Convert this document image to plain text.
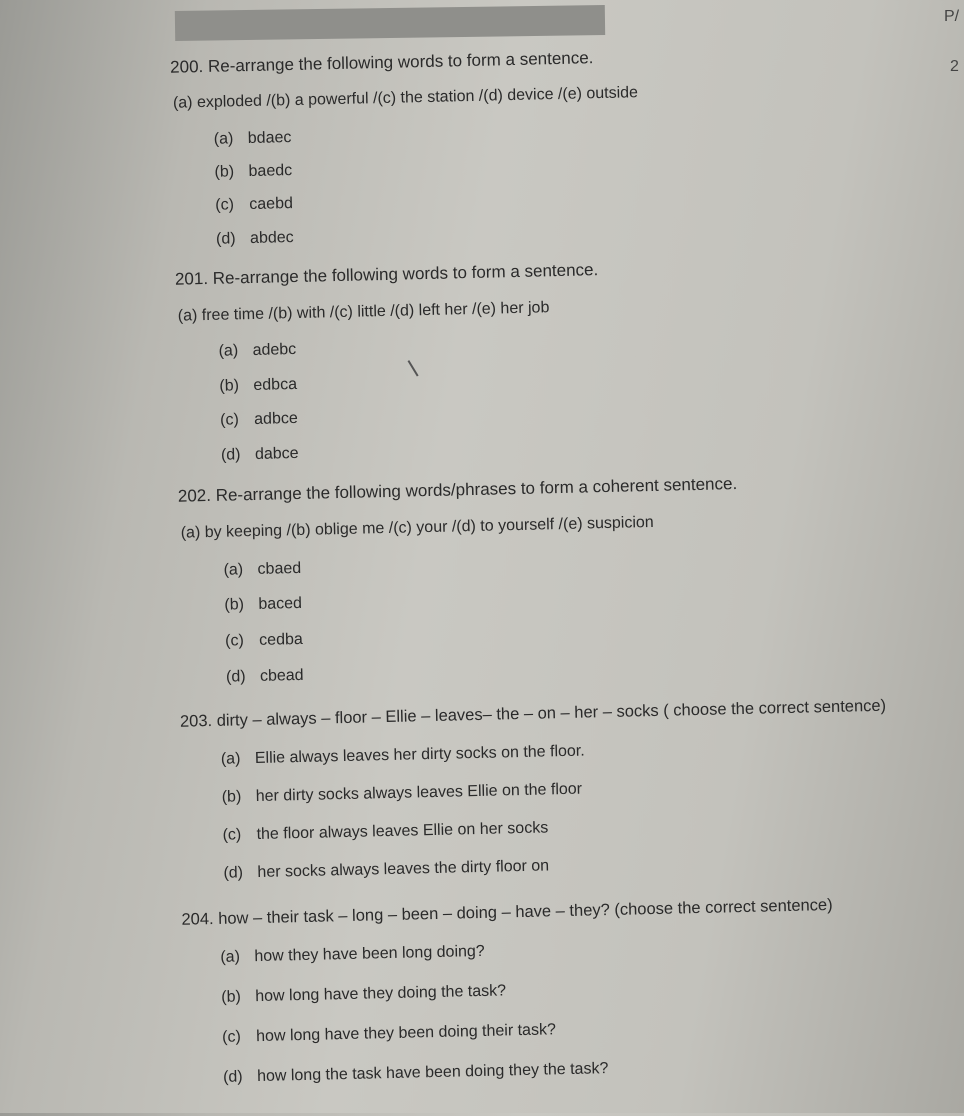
P/
2
200. Re-arrange the following words to form a sentence.
(a) exploded /(b) a powerful /(c) the station /(d) device /(e) outside
(a) bdaec
(b) baedc
(c) caebd
(d) abdec
201. Re-arrange the following words to form a sentence.
(a) free time /(b) with /(c) little /(d) left her /(e) her job
(a) adebc
(b) edbca
(c) adbce
(d) dabce
202. Re-arrange the following words/phrases to form a coherent sentence.
(a) by keeping /(b) oblige me /(c) your /(d) to yourself /(e) suspicion
(a) cbaed
(b) baced
(c) cedba
(d) cbead
203. dirty – always – floor – Ellie – leaves– the – on – her – socks ( choose the correct sentence)
(a) Ellie always leaves her dirty socks on the floor.
(b) her dirty socks always leaves Ellie on the floor
(c) the floor always leaves Ellie on her socks
(d) her socks always leaves the dirty floor on
204. how – their task – long – been – doing – have – they? (choose the correct sentence)
(a) how they have been long doing?
(b) how long have they doing the task?
(c) how long have they been doing their task?
(d) how long the task have been doing they the task?
